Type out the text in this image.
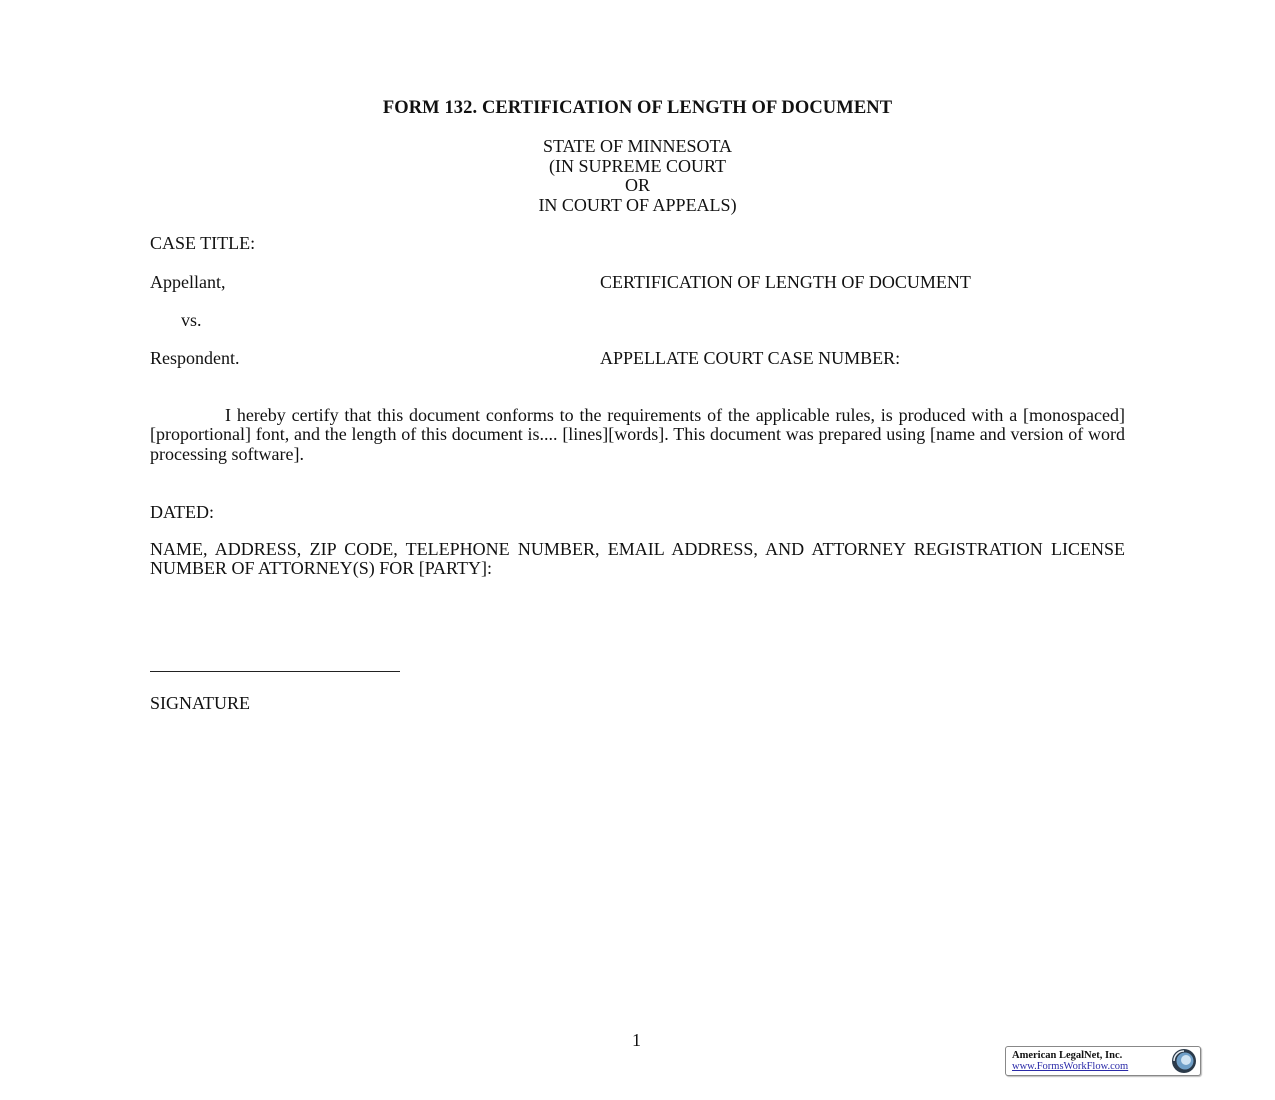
FORM 132. CERTIFICATION OF LENGTH OF DOCUMENT
STATE OF MINNESOTA
(IN SUPREME COURT
OR
IN COURT OF APPEALS)
CASE TITLE:
Appellant,	CERTIFICATION OF LENGTH OF DOCUMENT
vs.
Respondent.	APPELLATE COURT CASE NUMBER:
I hereby certify that this document conforms to the requirements of the applicable rules, is produced with a [monospaced] [proportional] font, and the length of this document is.... [lines][words]. This document was prepared using [name and version of word processing software].
DATED:
NAME, ADDRESS, ZIP CODE, TELEPHONE NUMBER, EMAIL ADDRESS, AND ATTORNEY REGISTRATION LICENSE NUMBER OF ATTORNEY(S) FOR [PARTY]:
SIGNATURE
1
American LegalNet, Inc.
www.FormsWorkFlow.com
